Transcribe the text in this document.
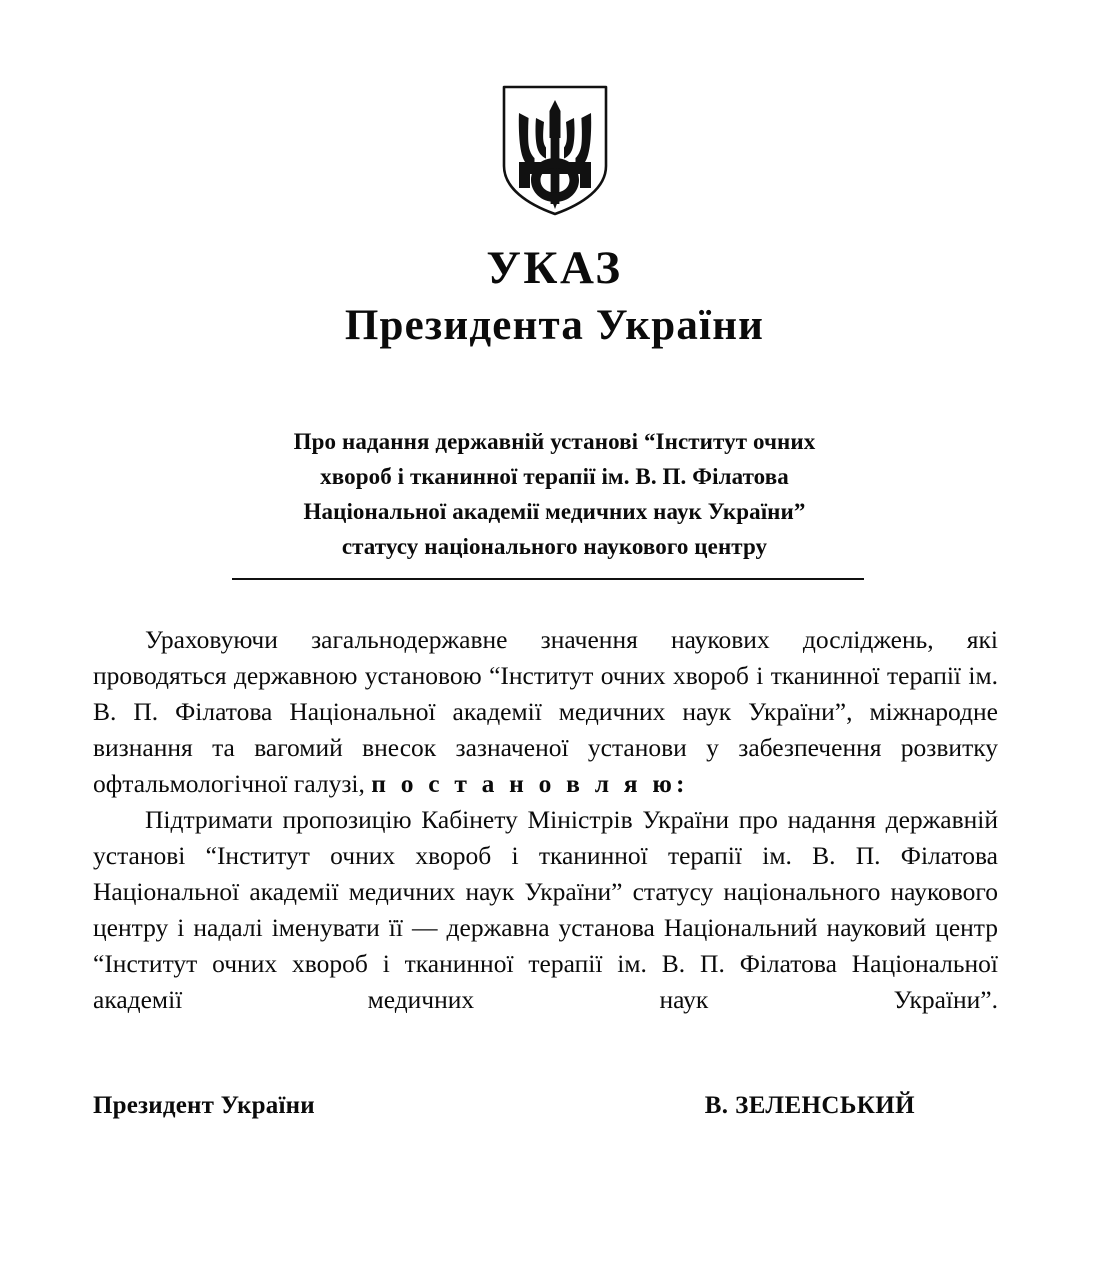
УКАЗ
Президента України
Про надання державній установі “Інститут очних
хвороб і тканинної терапії ім. В. П. Філатова
Національної академії медичних наук України”
статусу національного наукового центру

Ураховуючи загальнодержавне значення наукових досліджень, які проводяться державною установою “Інститут очних хвороб і тканинної терапії ім. В. П. Філатова Національної академії медичних наук України”, міжнародне визнання та вагомий внесок зазначеної установи у забезпечення розвитку офтальмологічної галузі, п о с т а н о в л я ю:

Підтримати пропозицію Кабінету Міністрів України про надання державній установі “Інститут очних хвороб і тканинної терапії ім. В. П. Філатова Національної академії медичних наук України” статусу національного наукового центру і надалі іменувати її — державна установа Національний науковий центр “Інститут очних хвороб і тканинної терапії ім. В. П. Філатова Національної академії медичних наук України”.

Президент України	В. ЗЕЛЕНСЬКИЙ
